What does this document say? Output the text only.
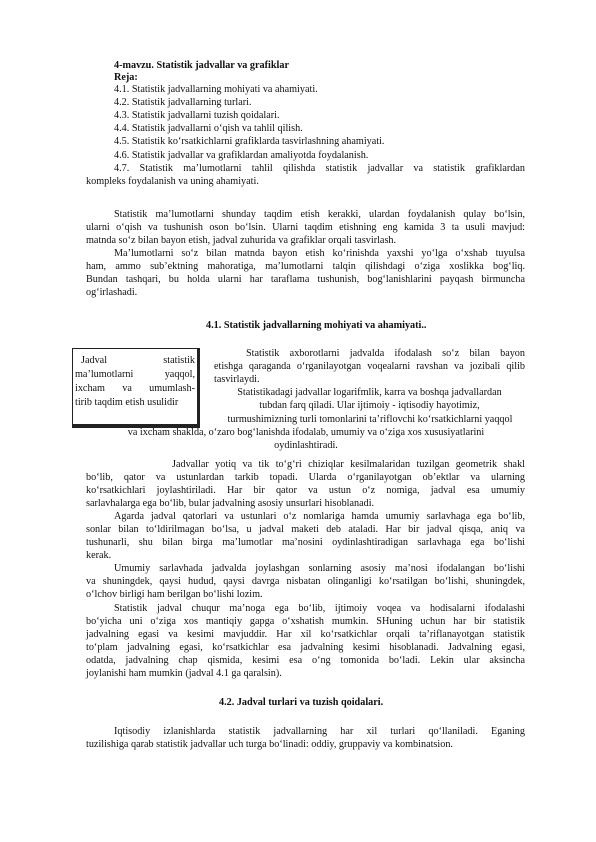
4-mavzu. Statistik jadvallar va grafiklar
Reja:
4.1. Statistik jadvallarning mohiyati va ahamiyati.
4.2. Statistik jadvallarning turlari.
4.3. Statistik jadvallarni tuzish qoidalari.
4.4. Statistik jadvallarni o‘qish va tahlil qilish.
4.5. Statistik ko‘rsatkichlarni grafiklarda tasvirlashning ahamiyati.
4.6. Statistik jadvallar va grafiklardan amaliyotda foydalanish.
4.7. Statistik ma’lumotlarni tahlil qilishda statistik jadvallar va statistik grafiklardan
kompleks foydalanish va uning ahamiyati.
Statistik ma’lumotlarni shunday taqdim etish kerakki, ulardan foydalanish qulay bo‘lsin,
ularni o‘qish va tushunish oson bo‘lsin. Ularni taqdim etishning eng kamida 3 ta usuli mavjud:
matnda so‘z bilan bayon etish, jadval zuhurida va grafiklar orqali tasvirlash.
Ma’lumotlarni so‘z bilan matnda bayon etish ko‘rinishda yaxshi yo‘lga o‘xshab tuyulsa
ham, ammo sub’ektning mahoratiga, ma’lumotlarni talqin qilishdagi o‘ziga xoslikka bog‘liq.
Bundan tashqari, bu holda ularni har taraflama tushunish, bog‘lanishlarini payqash birmuncha
og‘irlashadi.
4.1. Statistik jadvallarning mohiyati va ahamiyati..
Jadval statistik
ma’lumotlarni yaqqol,
ixcham va umumlash-
tirib taqdim etish usulidir
Statistik axborotlarni jadvalda ifodalash so‘z bilan bayon
etishga qaraganda o‘rganilayotgan voqealarni ravshan va jozibali qilib
tasvirlaydi.
Statistikadagi jadvallar logarifmlik, karra va boshqa jadvallardan
tubdan farq qiladi. Ular ijtimoiy - iqtisodiy hayotimiz,
turmushimizning turli tomonlarini ta’riflovchi ko‘rsatkichlarni yaqqol
va ixcham shaklda, o‘zaro bog‘lanishda ifodalab, umumiy va o‘ziga xos xususiyatlarini
oydinlashtiradi.
Jadvallar yotiq va tik to‘g‘ri chiziqlar kesilmalaridan tuzilgan geometrik shakl
bo‘lib, qator va ustunlardan tarkib topadi. Ularda o‘rganilayotgan ob’ektlar va ularning
ko‘rsatkichlari joylashtiriladi. Har bir qator va ustun o‘z nomiga, jadval esa umumiy
sarlavhalarga ega bo‘lib, bular jadvalning asosiy unsurlari hisoblanadi.
Agarda jadval qatorlari va ustunlari o‘z nomlariga hamda umumiy sarlavhaga ega bo‘lib,
sonlar bilan to‘ldirilmagan bo‘lsa, u jadval maketi deb ataladi. Har bir jadval qisqa, aniq va
tushunarli, shu bilan birga ma’lumotlar ma’nosini oydinlashtiradigan sarlavhaga ega bo‘lishi
kerak.
Umumiy sarlavhada jadvalda joylashgan sonlarning asosiy ma’nosi ifodalangan bo‘lishi
va shuningdek, qaysi hudud, qaysi davrga nisbatan olinganligi ko‘rsatilgan bo‘lishi, shuningdek,
o‘lchov birligi ham berilgan bo‘lishi lozim.
Statistik jadval chuqur ma’noga ega bo‘lib, ijtimoiy voqea va hodisalarni ifodalashi
bo‘yicha uni o‘ziga xos mantiqiy gapga o‘xshatish mumkin. SHuning uchun har bir statistik
jadvalning egasi va kesimi mavjuddir. Har xil ko‘rsatkichlar orqali ta’riflanayotgan statistik
to‘plam jadvalning egasi, ko‘rsatkichlar esa jadvalning kesimi hisoblanadi. Jadvalning egasi,
odatda, jadvalning chap qismida, kesimi esa o‘ng tomonida bo‘ladi. Lekin ular aksincha
joylanishi ham mumkin (jadval 4.1 ga qaralsin).
4.2. Jadval turlari va tuzish qoidalari.
Iqtisodiy izlanishlarda statistik jadvallarning har xil turlari qo‘llaniladi. Eganing
tuzilishiga qarab statistik jadvallar uch turga bo‘linadi: oddiy, gruppaviy va kombinatsion.
